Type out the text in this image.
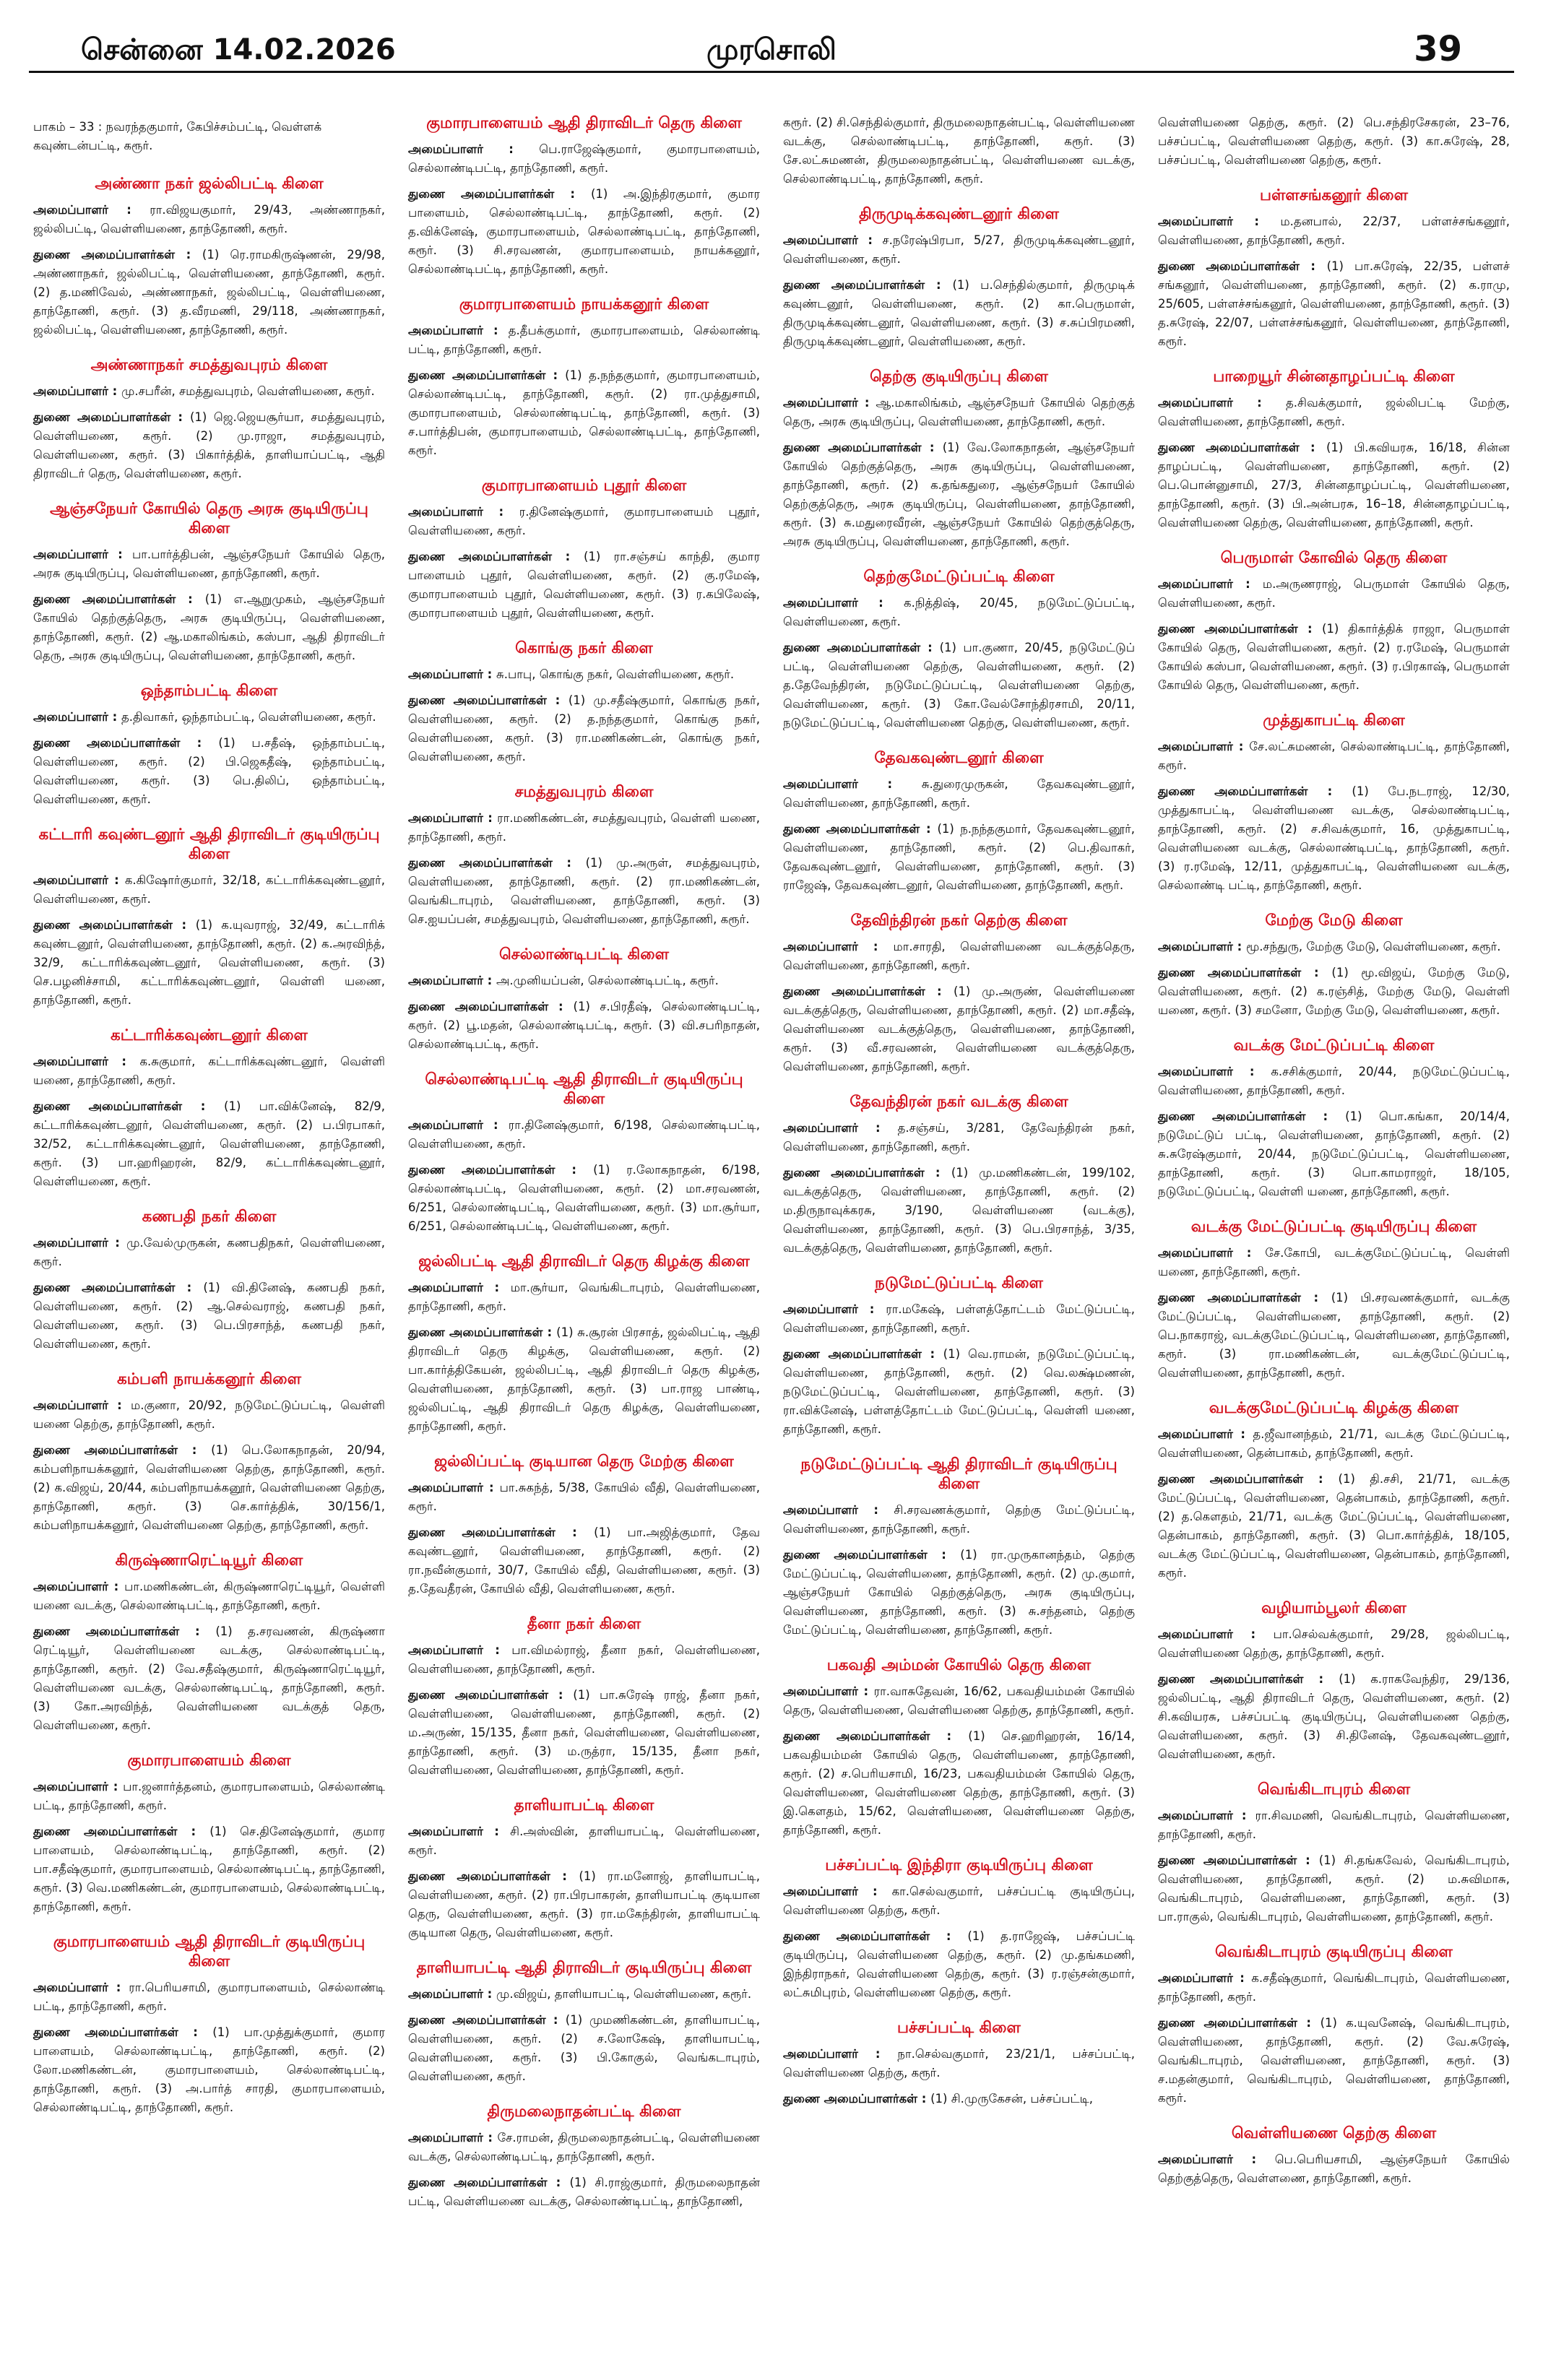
சென்னை 14.02.2026	முரசொலி	39
பாகம் – 33 : நவரந்தகுமார், கேபிச்சம்பட்டி, வெள்ளக் கவுண்டன்பட்டி, கரூர்.
அண்ணா நகர் ஜல்லிபட்டி கிளை

அமைப்பாளர் : ரா.விஜயகுமார், 29/43, அண்ணாநகர், ஜல்லிபட்டி, வெள்ளியணை, தாந்தோணி, கரூர்.

துணை அமைப்பாளர்கள் : (1) ரெ.ராமகிருஷ்ணன், 29/98, அண்ணாநகர், ஜல்லிபட்டி, வெள்ளியணை, தாந்தோணி, கரூர். (2) த.மணிவேல், அண்ணாநகர், ஜல்லிபட்டி, வெள்ளியணை, தாந்தோணி, கரூர். (3) த.வீரமணி, 29/118, அண்ணாநகர், ஜல்லிபட்டி, வெள்ளியணை, தாந்தோணி, கரூர்.

அண்ணாநகர் சமத்துவபுரம் கிளை

அமைப்பாளர் : மு.சபரீன், சமத்துவபுரம், வெள்ளியணை, கரூர்.

துணை அமைப்பாளர்கள் : (1) ஜெ.ஜெயசூர்யா, சமத்துவபுரம், வெள்ளியணை, கரூர். (2) மு.ராஜா, சமத்துவபுரம், வெள்ளியணை, கரூர். (3) பிகார்த்திக், தாளியாப்பட்டி, ஆதி திராவிடர் தெரு, வெள்ளியணை, கரூர்.

ஆஞ்சநேயர் கோயில் தெரு அரசு குடியிருப்பு கிளை

அமைப்பாளர் : பா.பார்த்திபன், ஆஞ்சநேயர் கோயில் தெரு, அரசு குடியிருப்பு, வெள்ளியணை, தாந்தோணி, கரூர்.

துணை அமைப்பாளர்கள் : (1) எ.ஆறுமுகம், ஆஞ்சநேயர் கோயில் தெற்குத்தெரு, அரசு குடியிருப்பு, வெள்ளியணை, தாந்தோணி, கரூர். (2) ஆ.மகாலிங்கம், கஸ்பா, ஆதி திராவிடர் தெரு, அரசு குடியிருப்பு, வெள்ளியணை, தாந்தோணி, கரூர்.

ஒந்தாம்பட்டி கிளை

அமைப்பாளர் : த.திவாகர், ஒந்தாம்பட்டி, வெள்ளியணை, கரூர்.

துணை அமைப்பாளர்கள் : (1) ப.சதீஷ், ஒந்தாம்பட்டி, வெள்ளியணை, கரூர். (2) பி.ஜெகதீஷ், ஒந்தாம்பட்டி, வெள்ளியணை, கரூர். (3) பெ.திலிப், ஒந்தாம்பட்டி, வெள்ளியணை, கரூர்.

கட்டாரி கவுண்டனூர் ஆதி திராவிடர் குடியிருப்பு கிளை

அமைப்பாளர் : க.கிஷோர்குமார், 32/18, கட்டாரிக்கவுண்டனூர், வெள்ளியணை, கரூர்.

துணை அமைப்பாளர்கள் : (1) க.யுவராஜ், 32/49, கட்டாரிக் கவுண்டனூர், வெள்ளியணை, தாந்தோணி, கரூர். (2) க.அரவிந்த், 32/9, கட்டாரிக்கவுண்டனூர், வெள்ளியணை, கரூர். (3) செ.பழனிச்சாமி, கட்டாரிக்கவுண்டனூர், வெள்ளி யணை, தாந்தோணி, கரூர்.

கட்டாரிக்கவுண்டனூர் கிளை

அமைப்பாளர் : க.சுகுமார், கட்டாரிக்கவுண்டனூர், வெள்ளி யணை, தாந்தோணி, கரூர்.

துணை அமைப்பாளர்கள் : (1) பா.விக்னேஷ், 82/9, கட்டாரிக்கவுண்டனூர், வெள்ளியணை, கரூர். (2) ப.பிரபாகர், 32/52, கட்டாரிக்கவுண்டனூர், வெள்ளியணை, தாந்தோணி, கரூர். (3) பா.ஹரிஹரன், 82/9, கட்டாரிக்கவுண்டனூர், வெள்ளியணை, கரூர்.

கணபதி நகர் கிளை

அமைப்பாளர் : மு.வேல்முருகன், கணபதிநகர், வெள்ளியணை, கரூர்.

துணை அமைப்பாளர்கள் : (1) வி.தினேஷ், கணபதி நகர், வெள்ளியணை, கரூர். (2) ஆ.செல்வராஜ், கணபதி நகர், வெள்ளியணை, கரூர். (3) பெ.பிரசாந்த், கணபதி நகர், வெள்ளியணை, கரூர்.

கம்பளி நாயக்கனூர் கிளை

அமைப்பாளர் : ம.குணா, 20/92, நடுமேட்டுப்பட்டி, வெள்ளி யணை தெற்கு, தாந்தோணி, கரூர்.

துணை அமைப்பாளர்கள் : (1) பெ.லோகநாதன், 20/94, கம்பளிநாயக்கனூர், வெள்ளியணை தெற்கு, தாந்தோணி, கரூர். (2) க.விஜய், 20/44, கம்பளிநாயக்கனூர், வெள்ளியணை தெற்கு, தாந்தோணி, கரூர். (3) செ.கார்த்திக், 30/156/1, கம்பளிநாயக்கனூர், வெள்ளியணை தெற்கு, தாந்தோணி, கரூர்.

கிருஷ்ணாரெட்டியூர் கிளை

அமைப்பாளர் : பா.மணிகண்டன், கிருஷ்ணாரெட்டியூர், வெள்ளி யணை வடக்கு, செல்லாண்டிபட்டி, தாந்தோணி, கரூர்.

துணை அமைப்பாளர்கள் : (1) த.சரவணன், கிருஷ்ணா ரெட்டியூர், வெள்ளியணை வடக்கு, செல்லாண்டிபட்டி, தாந்தோணி, கரூர். (2) வே.சதீஷ்குமார், கிருஷ்ணாரெட்டியூர், வெள்ளியணை வடக்கு, செல்லாண்டிபட்டி, தாந்தோணி, கரூர். (3) கோ.அரவிந்த், வெள்ளியணை வடக்குத் தெரு, வெள்ளியணை, கரூர்.

குமாரபாளையம் கிளை

அமைப்பாளர் : பா.ஜனார்த்தனம், குமாரபாளையம், செல்லாண்டி பட்டி, தாந்தோணி, கரூர்.

துணை அமைப்பாளர்கள் : (1) செ.தினேஷ்குமார், குமார பாளையம், செல்லாண்டிபட்டி, தாந்தோணி, கரூர். (2) பா.சதீஷ்குமார், குமாரபாளையம், செல்லாண்டிபட்டி, தாந்தோணி, கரூர். (3) வெ.மணிகண்டன், குமாரபாளையம், செல்லாண்டிபட்டி, தாந்தோணி, கரூர்.

குமாரபாளையம் ஆதி திராவிடர் குடியிருப்பு கிளை

அமைப்பாளர் : ரா.பெரியசாமி, குமாரபாளையம், செல்லாண்டி பட்டி, தாந்தோணி, கரூர்.

துணை அமைப்பாளர்கள் : (1) பா.முத்துக்குமார், குமார பாளையம், செல்லாண்டிபட்டி, தாந்தோணி, கரூர். (2) லோ.மணிகண்டன், குமாரபாளையம், செல்லாண்டிபட்டி, தாந்தோணி, கரூர். (3) அ.பார்த் சாரதி, குமாரபாளையம், செல்லாண்டிபட்டி, தாந்தோணி, கரூர்.

குமாரபாளையம் ஆதி திராவிடர் தெரு கிளை

அமைப்பாளர் : பெ.ராஜேஷ்குமார், குமாரபாளையம், செல்லாண்டிபட்டி, தாந்தோணி, கரூர்.

துணை அமைப்பாளர்கள் : (1) அ.இந்திரகுமார், குமார பாளையம், செல்லாண்டிபட்டி, தாந்தோணி, கரூர். (2) த.விக்னேஷ், குமாரபாளையம், செல்லாண்டிபட்டி, தாந்தோணி, கரூர். (3) சி.சரவணன், குமாரபாளையம், நாயக்கனூர், செல்லாண்டிபட்டி, தாந்தோணி, கரூர்.

குமாரபாளையம் நாயக்கனூர் கிளை

அமைப்பாளர் : த.தீபக்குமார், குமாரபாளையம், செல்லாண்டி பட்டி, தாந்தோணி, கரூர்.

துணை அமைப்பாளர்கள் : (1) த.நந்தகுமார், குமாரபாளையம், செல்லாண்டிபட்டி, தாந்தோணி, கரூர். (2) ரா.முத்துசாமி, குமாரபாளையம், செல்லாண்டிபட்டி, தாந்தோணி, கரூர். (3) ச.பார்த்திபன், குமாரபாளையம், செல்லாண்டிபட்டி, தாந்தோணி, கரூர்.

குமாரபாளையம் புதூர் கிளை

அமைப்பாளர் : ர.தினேஷ்குமார், குமாரபாளையம் புதூர், வெள்ளியணை, கரூர்.

துணை அமைப்பாளர்கள் : (1) ரா.சஞ்சய் காந்தி, குமார பாளையம் புதூர், வெள்ளியணை, கரூர். (2) கு.ரமேஷ், குமாரபாளையம் புதூர், வெள்ளியணை, கரூர். (3) ர.கபிலேஷ், குமாரபாளையம் புதூர், வெள்ளியணை, கரூர்.

கொங்கு நகர் கிளை

அமைப்பாளர் : சு.பாபு, கொங்கு நகர், வெள்ளியணை, கரூர்.

துணை அமைப்பாளர்கள் : (1) மு.சதீஷ்குமார், கொங்கு நகர், வெள்ளியணை, கரூர். (2) த.நந்தகுமார், கொங்கு நகர், வெள்ளியணை, கரூர். (3) ரா.மணிகண்டன், கொங்கு நகர், வெள்ளியணை, கரூர்.

சமத்துவபுரம் கிளை

அமைப்பாளர் : ரா.மணிகண்டன், சமத்துவபுரம், வெள்ளி யணை, தாந்தோணி, கரூர்.

துணை அமைப்பாளர்கள் : (1) மு.அருள், சமத்துவபுரம், வெள்ளியணை, தாந்தோணி, கரூர். (2) ரா.மணிகண்டன், வெங்கிடாபுரம், வெள்ளியணை, தாந்தோணி, கரூர். (3) செ.ஐயப்பன், சமத்துவபுரம், வெள்ளியணை, தாந்தோணி, கரூர்.

செல்லாண்டிபட்டி கிளை

அமைப்பாளர் : அ.முனியப்பன், செல்லாண்டிபட்டி, கரூர்.

துணை அமைப்பாளர்கள் : (1) ச.பிரதீஷ், செல்லாண்டிபட்டி, கரூர். (2) பூ.மதன், செல்லாண்டிபட்டி, கரூர். (3) வி.சபரிநாதன், செல்லாண்டிபட்டி, கரூர்.

செல்லாண்டிபட்டி ஆதி திராவிடர் குடியிருப்பு கிளை

அமைப்பாளர் : ரா.தினேஷ்குமார், 6/198, செல்லாண்டிபட்டி, வெள்ளியணை, கரூர்.

துணை அமைப்பாளர்கள் : (1) ர.லோகநாதன், 6/198, செல்லாண்டிபட்டி, வெள்ளியணை, கரூர். (2) மா.சரவணன், 6/251, செல்லாண்டிபட்டி, வெள்ளியணை, கரூர். (3) மா.சூர்யா, 6/251, செல்லாண்டிபட்டி, வெள்ளியணை, கரூர்.

ஜல்லிபட்டி ஆதி திராவிடர் தெரு கிழக்கு கிளை

அமைப்பாளர் : மா.சூர்யா, வெங்கிடாபுரம், வெள்ளியணை, தாந்தோணி, கரூர்.

துணை அமைப்பாளர்கள் : (1) சு.சூரன் பிரசாத், ஜல்லிபட்டி, ஆதி திராவிடர் தெரு கிழக்கு, வெள்ளியணை, கரூர். (2) பா.கார்த்திகேயன், ஜல்லிபட்டி, ஆதி திராவிடர் தெரு கிழக்கு, வெள்ளியணை, தாந்தோணி, கரூர். (3) பா.ராஜ பாண்டி, ஜல்லிபட்டி, ஆதி திராவிடர் தெரு கிழக்கு, வெள்ளியணை, தாந்தோணி, கரூர்.

ஜல்லிப்பட்டி குடியான தெரு மேற்கு கிளை

அமைப்பாளர் : பா.சுகந்த், 5/38, கோயில் வீதி, வெள்ளியணை, கரூர்.

துணை அமைப்பாளர்கள் : (1) பா.அஜித்குமார், தேவ கவுண்டனூர், வெள்ளியணை, தாந்தோணி, கரூர். (2) ரா.நவீன்குமார், 30/7, கோயில் வீதி, வெள்ளியணை, கரூர். (3) த.தேவதீரன், கோயில் வீதி, வெள்ளியணை, கரூர்.

தீனா நகர் கிளை

அமைப்பாளர் : பா.விமல்ராஜ், தீனா நகர், வெள்ளியணை, வெள்ளியணை, தாந்தோணி, கரூர்.

துணை அமைப்பாளர்கள் : (1) பா.சுரேஷ் ராஜ், தீனா நகர், வெள்ளியணை, வெள்ளியணை, தாந்தோணி, கரூர். (2) ம.அருண், 15/135, தீனா நகர், வெள்ளியணை, வெள்ளியணை, தாந்தோணி, கரூர். (3) ம.ருத்ரா, 15/135, தீனா நகர், வெள்ளியணை, வெள்ளியணை, தாந்தோணி, கரூர்.

தாளியாபட்டி கிளை

அமைப்பாளர் : சி.அஸ்வின், தாளியாபட்டி, வெள்ளியணை, கரூர்.

துணை அமைப்பாளர்கள் : (1) ரா.மனோஜ், தாளியாபட்டி, வெள்ளியணை, கரூர். (2) ரா.பிரபாகரன், தாளியாபட்டி குடியான தெரு, வெள்ளியணை, கரூர். (3) ரா.மகேந்திரன், தாளியாபட்டி குடியான தெரு, வெள்ளியணை, கரூர்.

தாளியாபட்டி ஆதி திராவிடர் குடியிருப்பு கிளை

அமைப்பாளர் : மு.விஜய், தாளியாபட்டி, வெள்ளியணை, கரூர்.

துணை அமைப்பாளர்கள் : (1) முமணிகண்டன், தாளியாபட்டி, வெள்ளியணை, கரூர். (2) ச.லோகேஷ், தாளியாபட்டி, வெள்ளியணை, கரூர். (3) பி.கோகுல், வெங்கடாபுரம், வெள்ளியணை, கரூர்.

திருமலைநாதன்பட்டி கிளை

அமைப்பாளர் : சே.ராமன், திருமலைநாதன்பட்டி, வெள்ளியணை வடக்கு, செல்லாண்டிபட்டி, தாந்தோணி, கரூர்.

துணை அமைப்பாளர்கள் : (1) சி.ராஜ்குமார், திருமலைநாதன் பட்டி, வெள்ளியணை வடக்கு, செல்லாண்டிபட்டி, தாந்தோணி,

கரூர். (2) சி.செந்தில்குமார், திருமலைநாதன்பட்டி, வெள்ளியணை வடக்கு, செல்லாண்டிபட்டி, தாந்தோணி, கரூர். (3) சே.லட்சுமணன், திருமலைநாதன்பட்டி, வெள்ளியணை வடக்கு, செல்லாண்டிபட்டி, தாந்தோணி, கரூர்.

திருமுடிக்கவுண்டனூர் கிளை

அமைப்பாளர் : ச.நரேஷ்பிரபா, 5/27, திருமுடிக்கவுண்டனூர், வெள்ளியணை, கரூர்.

துணை அமைப்பாளர்கள் : (1) ப.செந்தில்குமார், திருமுடிக் கவுண்டனூர், வெள்ளியணை, கரூர். (2) கா.பெருமாள், திருமுடிக்கவுண்டனூர், வெள்ளியணை, கரூர். (3) ச.சுப்பிரமணி, திருமுடிக்கவுண்டனூர், வெள்ளியணை, கரூர்.

தெற்கு குடியிருப்பு கிளை

அமைப்பாளர் : ஆ.மகாலிங்கம், ஆஞ்சநேயர் கோயில் தெற்குத் தெரு, அரசு குடியிருப்பு, வெள்ளியணை, தாந்தோணி, கரூர்.

துணை அமைப்பாளர்கள் : (1) வே.லோகநாதன், ஆஞ்சநேயர் கோயில் தெற்குத்தெரு, அரசு குடியிருப்பு, வெள்ளியணை, தாந்தோணி, கரூர். (2) க.தங்கதுரை, ஆஞ்சநேயர் கோயில் தெற்குத்தெரு, அரசு குடியிருப்பு, வெள்ளியணை, தாந்தோணி, கரூர். (3) சு.மதுரைவீரன், ஆஞ்சநேயர் கோயில் தெற்குத்தெரு, அரசு குடியிருப்பு, வெள்ளியணை, தாந்தோணி, கரூர்.

தெற்குமேட்டுப்பட்டி கிளை

அமைப்பாளர் : க.நித்திஷ், 20/45, நடுமேட்டுப்பட்டி, வெள்ளியணை, கரூர்.

துணை அமைப்பாளர்கள் : (1) பா.குணா, 20/45, நடுமேட்டுப் பட்டி, வெள்ளியணை தெற்கு, வெள்ளியணை, கரூர். (2) த.தேவேந்திரன், நடுமேட்டுப்பட்டி, வெள்ளியணை தெற்கு, வெள்ளியணை, கரூர். (3) கோ.வேல்சோந்திரசாமி, 20/11, நடுமேட்டுப்பட்டி, வெள்ளியணை தெற்கு, வெள்ளியணை, கரூர்.

தேவகவுண்டனூர் கிளை

அமைப்பாளர் : சு.துரைமுருகன், தேவகவுண்டனூர், வெள்ளியணை, தாந்தோணி, கரூர்.

துணை அமைப்பாளர்கள் : (1) ந.நந்தகுமார், தேவகவுண்டனூர், வெள்ளியணை, தாந்தோணி, கரூர். (2) பெ.திவாகர், தேவகவுண்டனூர், வெள்ளியணை, தாந்தோணி, கரூர். (3) ராஜேஷ், தேவகவுண்டனூர், வெள்ளியணை, தாந்தோணி, கரூர்.

தேவிந்திரன் நகர் தெற்கு கிளை

அமைப்பாளர் : மா.சாரதி, வெள்ளியணை வடக்குத்தெரு, வெள்ளியணை, தாந்தோணி, கரூர்.

துணை அமைப்பாளர்கள் : (1) மு.அருண், வெள்ளியணை வடக்குத்தெரு, வெள்ளியணை, தாந்தோணி, கரூர். (2) மா.சதீஷ், வெள்ளியணை வடக்குத்தெரு, வெள்ளியணை, தாந்தோணி, கரூர். (3) வீ.சரவணன், வெள்ளியணை வடக்குத்தெரு, வெள்ளியணை, தாந்தோணி, கரூர்.

தேவந்திரன் நகர் வடக்கு கிளை

அமைப்பாளர் : த.சஞ்சய், 3/281, தேவேந்திரன் நகர், வெள்ளியணை, தாந்தோணி, கரூர்.

துணை அமைப்பாளர்கள் : (1) மு.மணிகண்டன், 199/102, வடக்குத்தெரு, வெள்ளியணை, தாந்தோணி, கரூர். (2) ம.திருநாவுக்கரசு, 3/190, வெள்ளியணை (வடக்கு), வெள்ளியணை, தாந்தோணி, கரூர். (3) பெ.பிரசாந்த், 3/35, வடக்குத்தெரு, வெள்ளியணை, தாந்தோணி, கரூர்.

நடுமேட்டுப்பட்டி கிளை

அமைப்பாளர் : ரா.மகேஷ், பள்ளத்தோட்டம் மேட்டுப்பட்டி, வெள்ளியணை, தாந்தோணி, கரூர்.

துணை அமைப்பாளர்கள் : (1) வெ.ராமன், நடுமேட்டுப்பட்டி, வெள்ளியணை, தாந்தோணி, கரூர். (2) வெ.லக்ஷ்மணன், நடுமேட்டுப்பட்டி, வெள்ளியணை, தாந்தோணி, கரூர். (3) ரா.விக்னேஷ், பள்ளத்தோட்டம் மேட்டுப்பட்டி, வெள்ளி யணை, தாந்தோணி, கரூர்.

நடுமேட்டுப்பட்டி ஆதி திராவிடர் குடியிருப்பு கிளை

அமைப்பாளர் : சி.சரவணக்குமார், தெற்கு மேட்டுப்பட்டி, வெள்ளியணை, தாந்தோணி, கரூர்.

துணை அமைப்பாளர்கள் : (1) ரா.முருகானந்தம், தெற்கு மேட்டுப்பட்டி, வெள்ளியணை, தாந்தோணி, கரூர். (2) மு.குமார், ஆஞ்சநேயர் கோயில் தெற்குத்தெரு, அரசு குடியிருப்பு, வெள்ளியணை, தாந்தோணி, கரூர். (3) சு.சந்தனம், தெற்கு மேட்டுப்பட்டி, வெள்ளியணை, தாந்தோணி, கரூர்.

பகவதி அம்மன் கோயில் தெரு கிளை

அமைப்பாளர் : ரா.வாசுதேவன், 16/62, பகவதியம்மன் கோயில் தெரு, வெள்ளியணை, வெள்ளியணை தெற்கு, தாந்தோணி, கரூர்.

துணை அமைப்பாளர்கள் : (1) செ.ஹரிஹரன், 16/14, பகவதியம்மன் கோயில் தெரு, வெள்ளியணை, தாந்தோணி, கரூர். (2) ச.பெரியசாமி, 16/23, பகவதியம்மன் கோயில் தெரு, வெள்ளியணை, வெள்ளியணை தெற்கு, தாந்தோணி, கரூர். (3) இ.கௌதம், 15/62, வெள்ளியணை, வெள்ளியணை தெற்கு, தாந்தோணி, கரூர்.

பச்சப்பட்டி இந்திரா குடியிருப்பு கிளை

அமைப்பாளர் : கா.செல்வகுமார், பச்சப்பட்டி குடியிருப்பு, வெள்ளியணை தெற்கு, கரூர்.

துணை அமைப்பாளர்கள் : (1) த.ராஜேஷ், பச்சப்பட்டி குடியிருப்பு, வெள்ளியணை தெற்கு, கரூர். (2) மு.தங்கமணி, இந்திராநகர், வெள்ளியணை தெற்கு, கரூர். (3) ர.ரஞ்சன்குமார், லட்சுமிபுரம், வெள்ளியணை தெற்கு, கரூர்.

பச்சப்பட்டி கிளை

அமைப்பாளர் : நா.செல்வகுமார், 23/21/1, பச்சப்பட்டி, வெள்ளியணை தெற்கு, கரூர்.

துணை அமைப்பாளர்கள் : (1) சி.முருகேசன், பச்சப்பட்டி,

வெள்ளியணை தெற்கு, கரூர். (2) பெ.சந்திரசேகரன், 23–76, பச்சப்பட்டி, வெள்ளியணை தெற்கு, கரூர். (3) கா.சுரேஷ், 28, பச்சப்பட்டி, வெள்ளியணை தெற்கு, கரூர்.

பள்ளசங்கனூர் கிளை

அமைப்பாளர் : ம.தனபால், 22/37, பள்ளச்சங்கனூர், வெள்ளியணை, தாந்தோணி, கரூர்.

துணை அமைப்பாளர்கள் : (1) பா.சுரேஷ், 22/35, பள்ளச் சங்கனூர், வெள்ளியணை, தாந்தோணி, கரூர். (2) க.ராமு, 25/605, பள்ளச்சங்கனூர், வெள்ளியணை, தாந்தோணி, கரூர். (3) த.சுரேஷ், 22/07, பள்ளச்சங்கனூர், வெள்ளியணை, தாந்தோணி, கரூர்.

பாறையூர் சின்னதாழப்பட்டி கிளை

அமைப்பாளர் : த.சிவக்குமார், ஜல்லிபட்டி மேற்கு, வெள்ளியணை, தாந்தோணி, கரூர்.

துணை அமைப்பாளர்கள் : (1) பி.கவியரசு, 16/18, சின்ன தாழப்பட்டி, வெள்ளியணை, தாந்தோணி, கரூர். (2) பெ.பொன்னுசாமி, 27/3, சின்னதாழப்பட்டி, வெள்ளியணை, தாந்தோணி, கரூர். (3) பி.அன்பரசு, 16–18, சின்னதாழப்பட்டி, வெள்ளியணை தெற்கு, வெள்ளியணை, தாந்தோணி, கரூர்.

பெருமாள் கோவில் தெரு கிளை

அமைப்பாளர் : ம.அருணராஜ், பெருமாள் கோயில் தெரு, வெள்ளியணை, கரூர்.

துணை அமைப்பாளர்கள் : (1) திகார்த்திக் ராஜா, பெருமாள் கோயில் தெரு, வெள்ளியணை, கரூர். (2) ர.ரமேஷ், பெருமாள் கோயில் கஸ்பா, வெள்ளியணை, கரூர். (3) ர.பிரகாஷ், பெருமாள் கோயில் தெரு, வெள்ளியணை, கரூர்.

முத்துகாபட்டி கிளை

அமைப்பாளர் : சே.லட்சுமணன், செல்லாண்டிபட்டி, தாந்தோணி, கரூர்.

துணை அமைப்பாளர்கள் : (1) பே.நடராஜ், 12/30, முத்துகாபட்டி, வெள்ளியணை வடக்கு, செல்லாண்டிபட்டி, தாந்தோணி, கரூர். (2) ச.சிவக்குமார், 16, முத்துகாபட்டி, வெள்ளியணை வடக்கு, செல்லாண்டிபட்டி, தாந்தோணி, கரூர். (3) ர.ரமேஷ், 12/11, முத்துகாபட்டி, வெள்ளியணை வடக்கு, செல்லாண்டி பட்டி, தாந்தோணி, கரூர்.

மேற்கு மேடு கிளை

அமைப்பாளர் : மூ.சந்துரு, மேற்கு மேடு, வெள்ளியணை, கரூர்.

துணை அமைப்பாளர்கள் : (1) மூ.விஜய், மேற்கு மேடு, வெள்ளியணை, கரூர். (2) க.ரஞ்சித், மேற்கு மேடு, வெள்ளி யணை, கரூர். (3) சமனோ, மேற்கு மேடு, வெள்ளியணை, கரூர்.

வடக்கு மேட்டுப்பட்டி கிளை

அமைப்பாளர் : க.சசிக்குமார், 20/44, நடுமேட்டுப்பட்டி, வெள்ளியணை, தாந்தோணி, கரூர்.

துணை அமைப்பாளர்கள் : (1) பொ.கங்கா, 20/14/4, நடுமேட்டுப் பட்டி, வெள்ளியணை, தாந்தோணி, கரூர். (2) சு.சுரேஷ்குமார், 20/44, நடுமேட்டுப்பட்டி, வெள்ளியணை, தாந்தோணி, கரூர். (3) பொ.காமராஜர், 18/105, நடுமேட்டுப்பட்டி, வெள்ளி யணை, தாந்தோணி, கரூர்.

வடக்கு மேட்டுப்பட்டி குடியிருப்பு கிளை

அமைப்பாளர் : சே.கோபி, வடக்குமேட்டுப்பட்டி, வெள்ளி யணை, தாந்தோணி, கரூர்.

துணை அமைப்பாளர்கள் : (1) பி.சரவணக்குமார், வடக்கு மேட்டுப்பட்டி, வெள்ளியணை, தாந்தோணி, கரூர். (2) பெ.நாகராஜ், வடக்குமேட்டுப்பட்டி, வெள்ளியணை, தாந்தோணி, கரூர். (3) ரா.மணிகண்டன், வடக்குமேட்டுப்பட்டி, வெள்ளியணை, தாந்தோணி, கரூர்.

வடக்குமேட்டுப்பட்டி கிழக்கு கிளை

அமைப்பாளர் : த.ஜீவானந்தம், 21/71, வடக்கு மேட்டுப்பட்டி, வெள்ளியணை, தென்பாகம், தாந்தோணி, கரூர்.

துணை அமைப்பாளர்கள் : (1) தி.சசி, 21/71, வடக்கு மேட்டுப்பட்டி, வெள்ளியணை, தென்பாகம், தாந்தோணி, கரூர். (2) த.கௌதம், 21/71, வடக்கு மேட்டுப்பட்டி, வெள்ளியணை, தென்பாகம், தாந்தோணி, கரூர். (3) பொ.கார்த்திக், 18/105, வடக்கு மேட்டுப்பட்டி, வெள்ளியணை, தென்பாகம், தாந்தோணி, கரூர்.

வழியாம்பூலர் கிளை

அமைப்பாளர் : பா.செல்வக்குமார், 29/28, ஜல்லிபட்டி, வெள்ளியணை தெற்கு, தாந்தோணி, கரூர்.

துணை அமைப்பாளர்கள் : (1) க.ராகவேந்திர, 29/136, ஜல்லிபட்டி, ஆதி திராவிடர் தெரு, வெள்ளியணை, கரூர். (2) சி.கவியரசு, பச்சப்பட்டி குடியிருப்பு, வெள்ளியணை தெற்கு, வெள்ளியணை, கரூர். (3) சி.தினேஷ், தேவகவுண்டனூர், வெள்ளியணை, கரூர்.

வெங்கிடாபுரம் கிளை

அமைப்பாளர் : ரா.சிவமணி, வெங்கிடாபுரம், வெள்ளியணை, தாந்தோணி, கரூர்.

துணை அமைப்பாளர்கள் : (1) சி.தங்கவேல், வெங்கிடாபுரம், வெள்ளியணை, தாந்தோணி, கரூர். (2) ம.சுவிமாசு, வெங்கிடாபுரம், வெள்ளியணை, தாந்தோணி, கரூர். (3) பா.ராகுல், வெங்கிடாபுரம், வெள்ளியணை, தாந்தோணி, கரூர்.

வெங்கிடாபுரம் குடியிருப்பு கிளை

அமைப்பாளர் : க.சதீஷ்குமார், வெங்கிடாபுரம், வெள்ளியணை, தாந்தோணி, கரூர்.

துணை அமைப்பாளர்கள் : (1) க.யுவனேஷ், வெங்கிடாபுரம், வெள்ளியணை, தாந்தோணி, கரூர். (2) வே.சுரேஷ், வெங்கிடாபுரம், வெள்ளியணை, தாந்தோணி, கரூர். (3) ச.மதன்குமார், வெங்கிடாபுரம், வெள்ளியணை, தாந்தோணி, கரூர்.

வெள்ளியணை தெற்கு கிளை

அமைப்பாளர் : பெ.பெரியசாமி, ஆஞ்சநேயர் கோயில் தெற்குத்தெரு, வெள்ளணை, தாந்தோணி, கரூர்.
